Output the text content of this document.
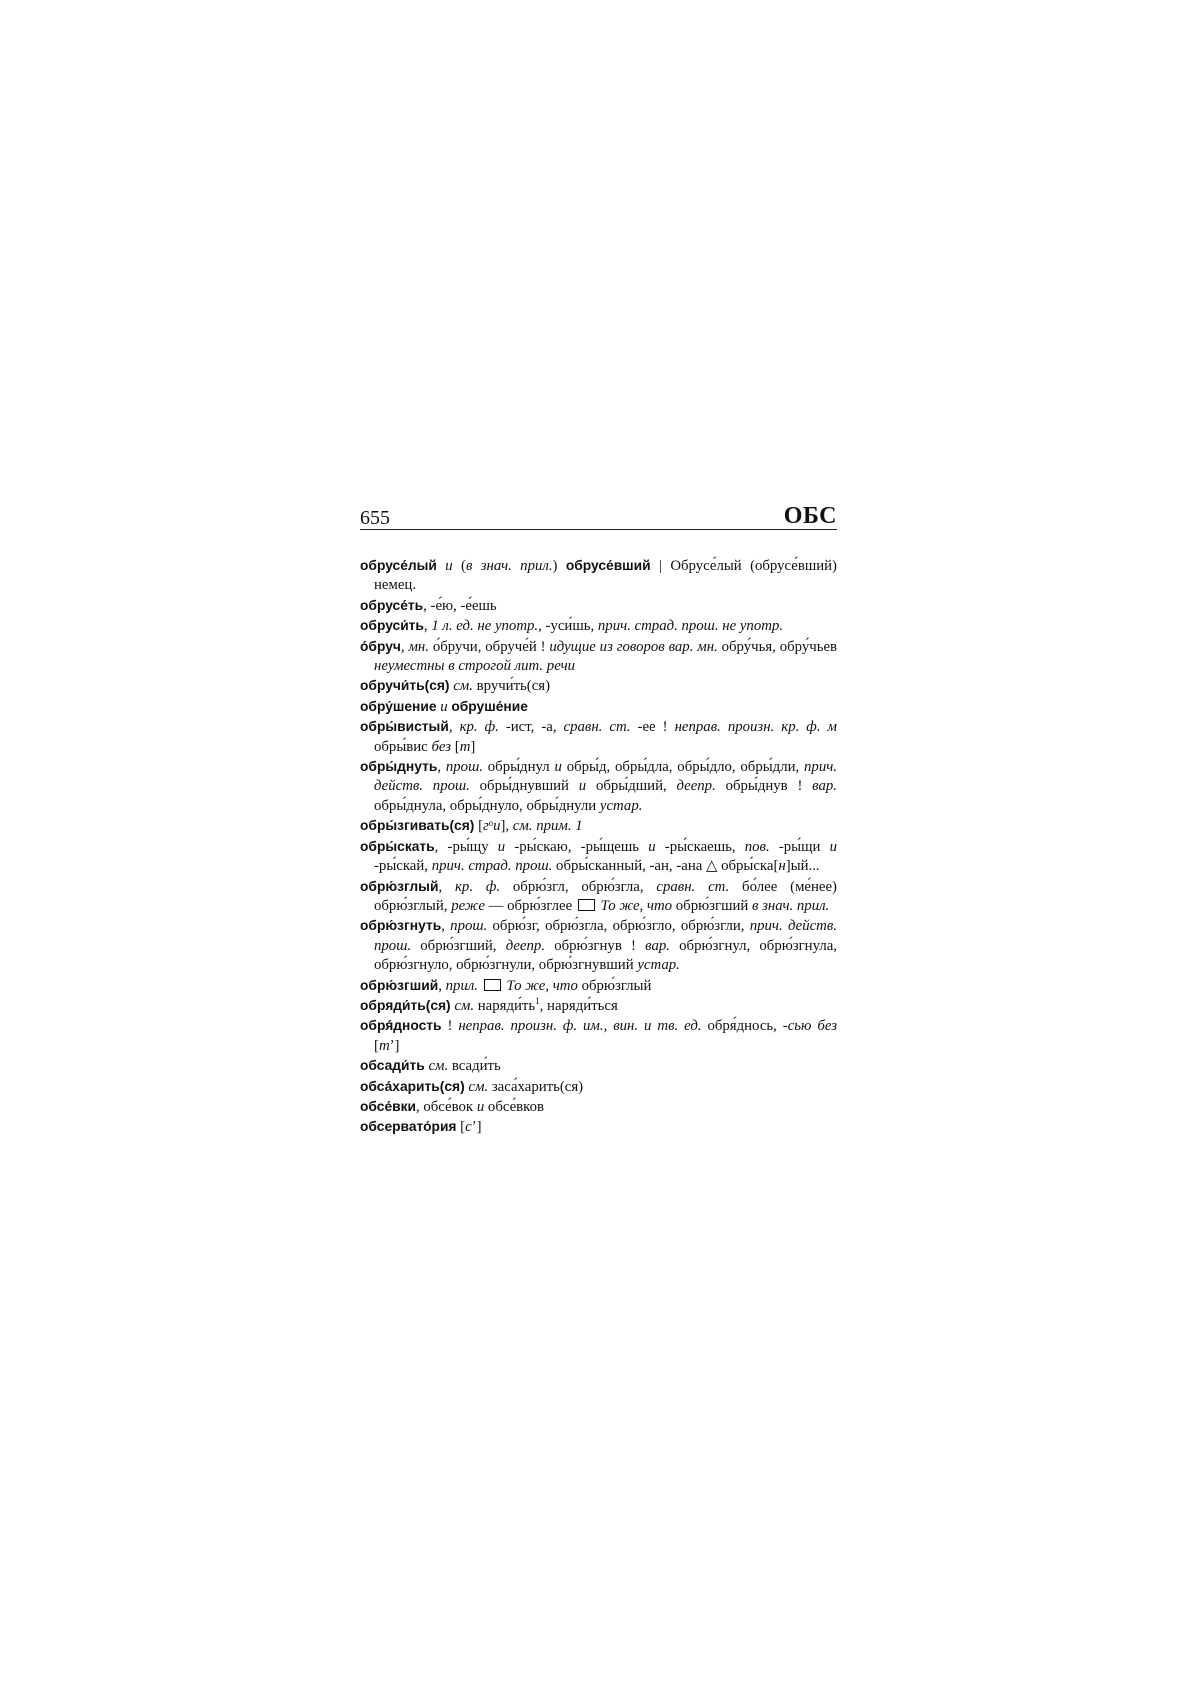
655	ОБС

обрусе́лый и (в знач. прил.) обрусе́вший | Обрусе́лый (обрусе́вший) немец.

обрусе́ть, -е́ю, -е́ешь

обруси́ть, 1 л. ед. не употр., -уси́шь, прич. страд. прош. не употр.

о́бруч, мн. о́бручи, обруче́й ! идущие из говоров вар. мн. обру́чья, обру́чьев неуместны в строгой лит. речи

обручи́ть(ся) см. вручи́ть(ся)

обру́шение и обруше́ние

обры́вистый, кр. ф. -ист, -а, сравн. ст. -ее ! неправ. произн. кр. ф. м обры́вис без [т]

обры́днуть, прош. обры́днул и обры́д, обры́дла, обры́дло, обры́дли, прич. действ. прош. обры́днувший и обры́дший, деепр. обры́днув ! вар. обры́днула, обры́днуло, обры́днули устар.

обры́згивать(ся) [гᵒи], см. прим. 1

обры́скать, -ры́щу и -ры́скаю, -ры́щешь и -ры́скаешь, пов. -ры́щи и -ры́скай, прич. страд. прош. обры́сканный, -ан, -ана △ обры́ска[н]ый...

обрю́зглый, кр. ф. обрю́згл, обрю́згла, сравн. ст. бо́лее (ме́нее) обрю́зглый, реже — обрю́зглее  То же, что обрю́згший в знач. прил.

обрю́згнуть, прош. обрю́зг, обрю́згла, обрю́згло, обрю́згли, прич. действ. прош. обрю́згший, деепр. обрю́згнув ! вар. обрю́згнул, обрю́згнула, обрю́згнуло, обрю́згнули, обрю́згнувший устар.

обрю́згший, прил. То же, что обрю́зглый

обряди́ть(ся) см. $наряди́ть^1$, наряди́ться

обря́дность ! неправ. произн. ф. им., вин. и тв. ед. обря́днось, -сью без [тʼ]

обсади́ть см. всади́ть

обса́харить(ся) см. заса́харить(ся)

обсе́вки, обсе́вок и обсе́вков

обсервато́рия [сʼ]
